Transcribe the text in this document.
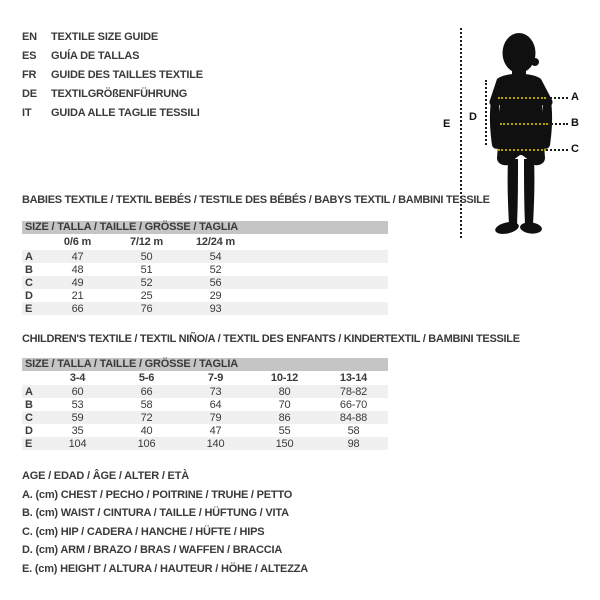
EN	TEXTILE SIZE GUIDE
ES	GUÍA DE TALLAS
FR	GUIDE DES TAILLES TEXTILE
DE	TEXTILGRÖßENFÜHRUNG
IT	GUIDA ALLE TAGLIE TESSILI
E
D
A
B
C
BABIES TEXTILE / TEXTIL BEBÉS / TESTILE DES BÉBÉS / BABYS TEXTIL / BAMBINI TESSILE
SIZE / TALLA / TAILLE / GRÖSSE / TAGLIA
0/6 m	7/12 m	12/24 m
A	47	50	54
B	48	51	52
C	49	52	56
D	21	25	29
E	66	76	93
CHILDREN'S TEXTILE / TEXTIL NIÑO/A / TEXTIL DES ENFANTS / KINDERTEXTIL / BAMBINI TESSILE
SIZE / TALLA / TAILLE / GRÖSSE / TAGLIA
3-4	5-6	7-9	10-12	13-14
A	60	66	73	80	78-82
B	53	58	64	70	66-70
C	59	72	79	86	84-88
D	35	40	47	55	58
E	104	106	140	150	98
AGE / EDAD / ÂGE / ALTER / ETÀ
A. (cm) CHEST / PECHO / POITRINE / TRUHE / PETTO
B. (cm) WAIST / CINTURA / TAILLE / HÜFTUNG / VITA
C. (cm) HIP / CADERA / HANCHE / HÜFTE / HIPS
D. (cm) ARM / BRAZO / BRAS / WAFFEN / BRACCIA
E. (cm) HEIGHT / ALTURA / HAUTEUR / HÖHE / ALTEZZA
